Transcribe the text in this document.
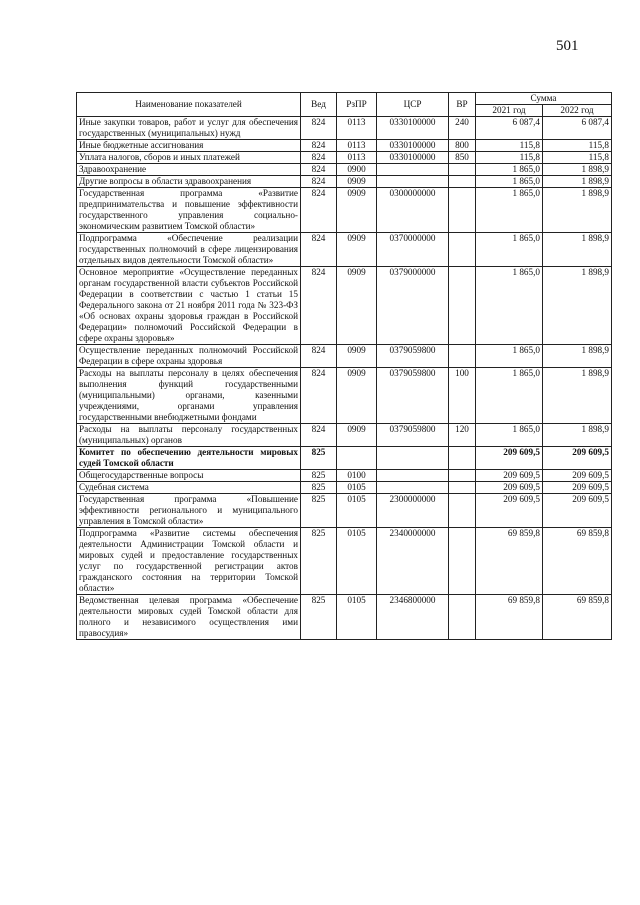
501
Наименование показателей	Вед	РзПР	ЦСР	ВР	Сумма	
					2021 год	2022 год
Иные закупки товаров, работ и услуг для обеспечения государственных (муниципальных) нужд	824	0113	0330100000	240	6 087,4	6 087,4
Иные бюджетные ассигнования	824	0113	0330100000	800	115,8	115,8
Уплата налогов, сборов и иных платежей	824	0113	0330100000	850	115,8	115,8
Здравоохранение	824	0900			1 865,0	1 898,9
Другие вопросы в области здравоохранения	824	0909			1 865,0	1 898,9
Государственная программа «Развитие предпринимательства и повышение эффективности государственного управления социально-экономическим развитием Томской области»	824	0909	0300000000		1 865,0	1 898,9
Подпрограмма «Обеспечение реализации государственных полномочий в сфере лицензирования отдельных видов деятельности Томской области»	824	0909	0370000000		1 865,0	1 898,9
Основное мероприятие «Осуществление переданных органам государственной власти субъектов Российской Федерации в соответствии с частью 1 статьи 15 Федерального закона от 21 ноября 2011 года № 323-ФЗ «Об основах охраны здоровья граждан в Российской Федерации» полномочий Российской Федерации в сфере охраны здоровья»	824	0909	0379000000		1 865,0	1 898,9
Осуществление переданных полномочий Российской Федерации в сфере охраны здоровья	824	0909	0379059800		1 865,0	1 898,9
Расходы на выплаты персоналу в целях обеспечения выполнения функций государственными (муниципальными) органами, казенными учреждениями, органами управления государственными внебюджетными фондами	824	0909	0379059800	100	1 865,0	1 898,9
Расходы на выплаты персоналу государственных (муниципальных) органов	824	0909	0379059800	120	1 865,0	1 898,9
Комитет по обеспечению деятельности мировых судей Томской области	825				209 609,5	209 609,5
Общегосударственные вопросы	825	0100			209 609,5	209 609,5
Судебная система	825	0105			209 609,5	209 609,5
Государственная программа «Повышение эффективности регионального и муниципального управления в Томской области»	825	0105	2300000000		209 609,5	209 609,5
Подпрограмма «Развитие системы обеспечения деятельности Администрации Томской области и мировых судей и предоставление государственных услуг по государственной регистрации актов гражданского состояния на территории Томской области»	825	0105	2340000000		69 859,8	69 859,8
Ведомственная целевая программа «Обеспечение деятельности мировых судей Томской области для полного и независимого осуществления ими правосудия»	825	0105	2346800000		69 859,8	69 859,8
